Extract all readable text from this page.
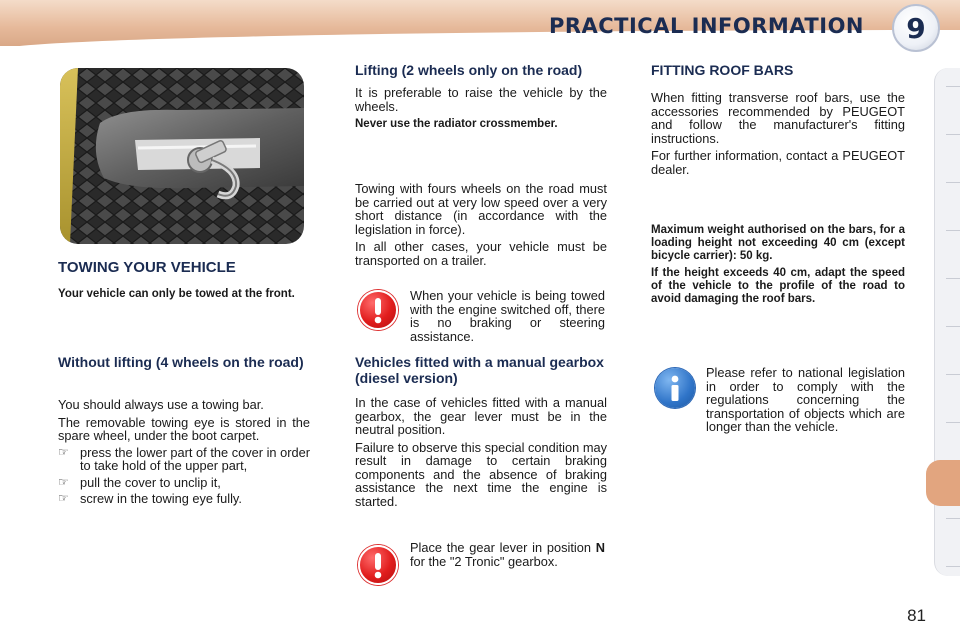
PRACTICAL INFORMATION	9
TOWING YOUR VEHICLE
Your vehicle can only be towed at the front.
Without lifting (4 wheels on the road)
You should always use a towing bar.
The removable towing eye is stored in the spare wheel, under the boot carpet.
☞ press the lower part of the cover in order to take hold of the upper part,
☞ pull the cover to unclip it,
☞ screw in the towing eye fully.
Lifting (2 wheels only on the road)
It is preferable to raise the vehicle by the wheels.
Never use the radiator crossmember.
Towing with fours wheels on the road must be carried out at very low speed over a very short distance (in accordance with the legislation in force).
In all other cases, your vehicle must be transported on a trailer.
When your vehicle is being towed with the engine switched off, there is no braking or steering assistance.
Vehicles fitted with a manual gearbox (diesel version)
In the case of vehicles fitted with a manual gearbox, the gear lever must be in the neutral position.
Failure to observe this special condition may result in damage to certain braking components and the absence of braking assistance the next time the engine is started.
Place the gear lever in position N for the "2 Tronic" gearbox.
FITTING ROOF BARS
When fitting transverse roof bars, use the accessories recommended by PEUGEOT and follow the manufacturer's fitting instructions.
For further information, contact a PEUGEOT dealer.
Maximum weight authorised on the bars, for a loading height not exceeding 40 cm (except bicycle carrier): 50 kg.
If the height exceeds 40 cm, adapt the speed of the vehicle to the profile of the road to avoid damaging the roof bars.
Please refer to national legislation in order to comply with the regulations concerning the transportation of objects which are longer than the vehicle.
81
